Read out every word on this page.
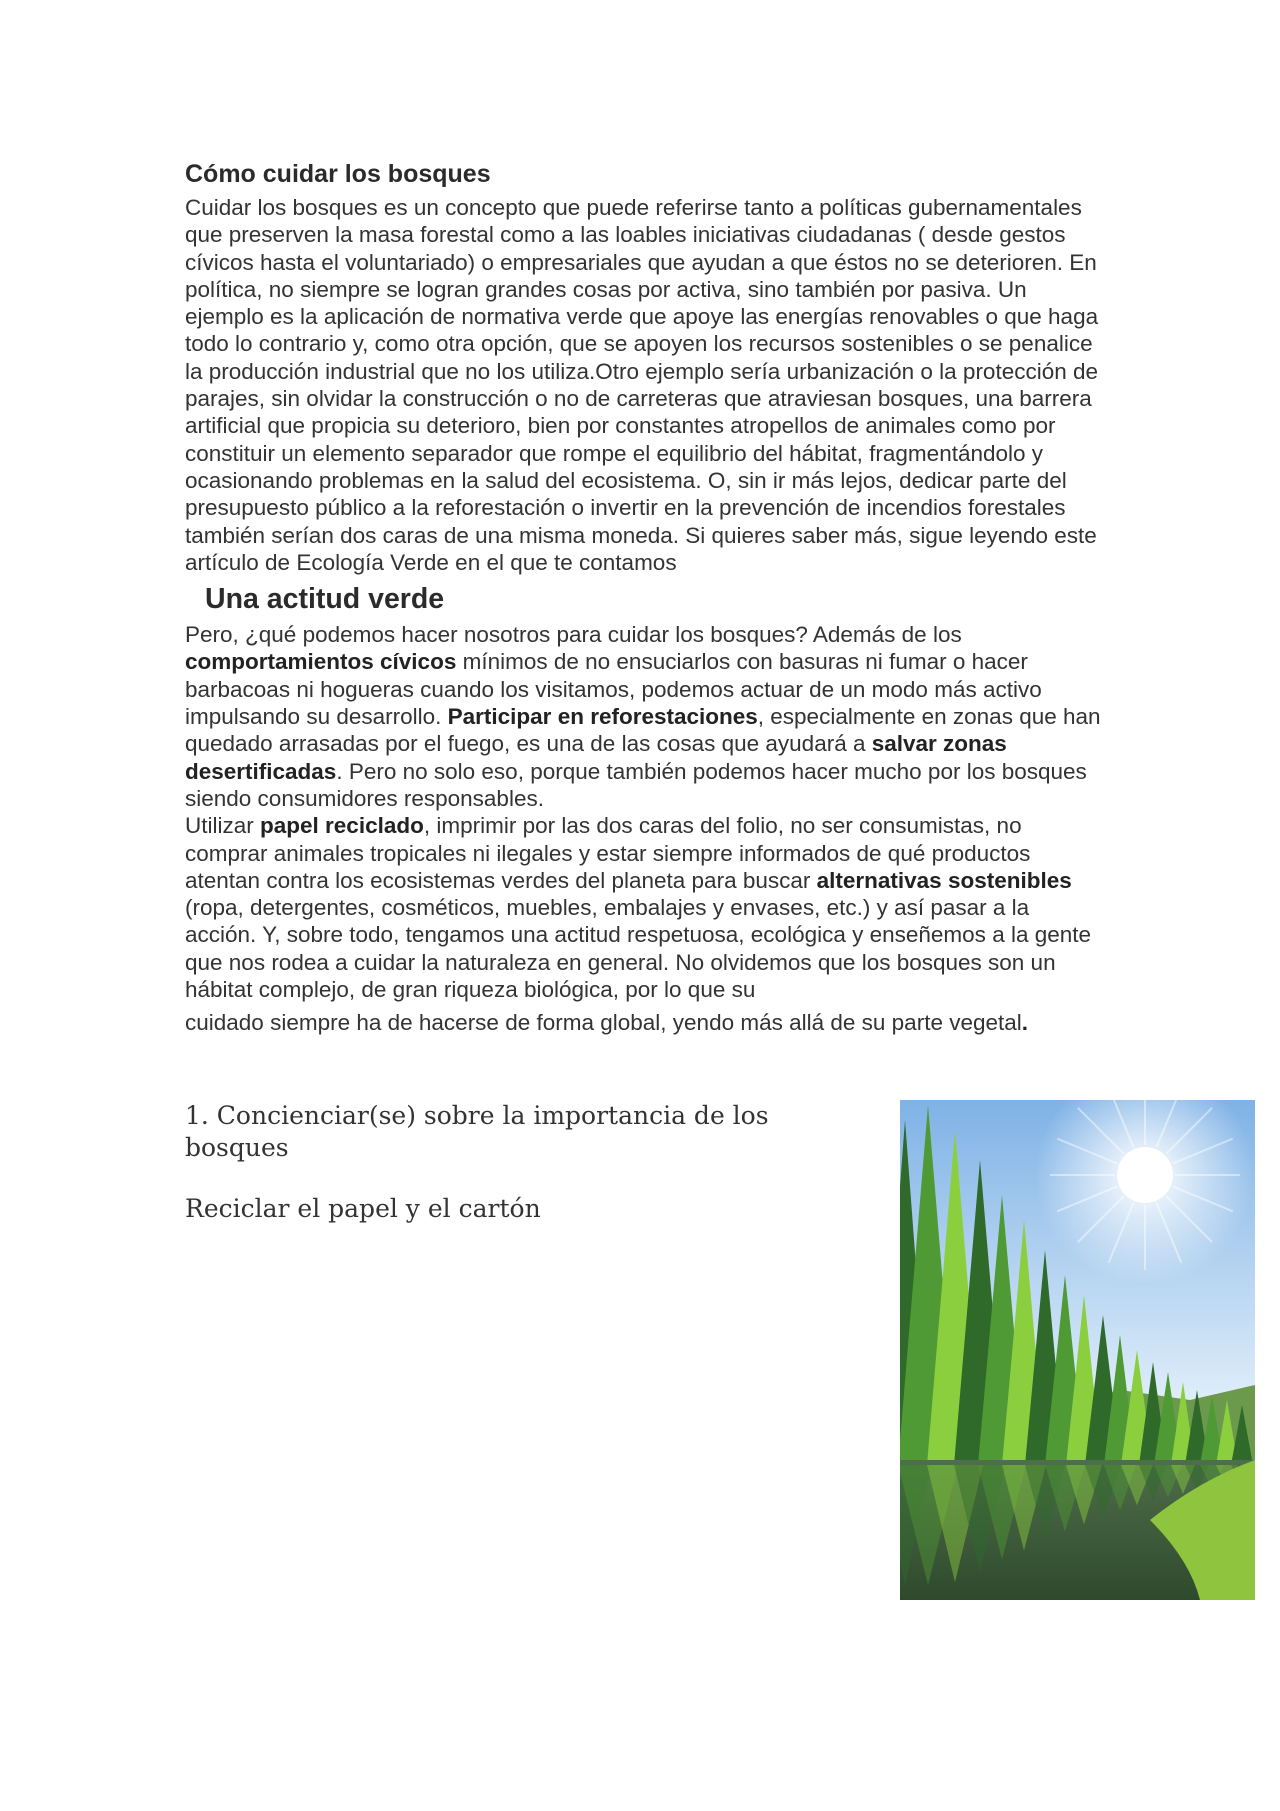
Cómo cuidar los bosques

Cuidar los bosques es un concepto que puede referirse tanto a políticas gubernamentales que preserven la masa forestal como a las loables iniciativas ciudadanas ( desde gestos cívicos hasta el voluntariado) o empresariales que ayudan a que éstos no se deterioren. En política, no siempre se logran grandes cosas por activa, sino también por pasiva. Un ejemplo es la aplicación de normativa verde que apoye las energías renovables o que haga todo lo contrario y, como otra opción, que se apoyen los recursos sostenibles o se penalice la producción industrial que no los utiliza.Otro ejemplo sería urbanización o la protección de parajes, sin olvidar la construcción o no de carreteras que atraviesan bosques, una barrera artificial que propicia su deterioro, bien por constantes atropellos de animales como por constituir un elemento separador que rompe el equilibrio del hábitat, fragmentándolo y ocasionando problemas en la salud del ecosistema. O, sin ir más lejos, dedicar parte del presupuesto público a la reforestación o invertir en la prevención de incendios forestales también serían dos caras de una misma moneda. Si quieres saber más, sigue leyendo este artículo de Ecología Verde en el que te contamos

Una actitud verde

Pero, ¿qué podemos hacer nosotros para cuidar los bosques? Además de los comportamientos cívicos mínimos de no ensuciarlos con basuras ni fumar o hacer barbacoas ni hogueras cuando los visitamos, podemos actuar de un modo más activo impulsando su desarrollo. Participar en reforestaciones, especialmente en zonas que han quedado arrasadas por el fuego, es una de las cosas que ayudará a salvar zonas desertificadas. Pero no solo eso, porque también podemos hacer mucho por los bosques siendo consumidores responsables.

Utilizar papel reciclado, imprimir por las dos caras del folio, no ser consumistas, no comprar animales tropicales ni ilegales y estar siempre informados de qué productos atentan contra los ecosistemas verdes del planeta para buscar alternativas sostenibles (ropa, detergentes, cosméticos, muebles, embalajes y envases, etc.) y así pasar a la acción. Y, sobre todo, tengamos una actitud respetuosa, ecológica y enseñemos a la gente que nos rodea a cuidar la naturaleza en general. No olvidemos que los bosques son un hábitat complejo, de gran riqueza biológica, por lo que su

cuidado siempre ha de hacerse de forma global, yendo más allá de su parte vegetal.

1. Concienciar(se) sobre la importancia de los bosques

Reciclar el papel y el cartón
